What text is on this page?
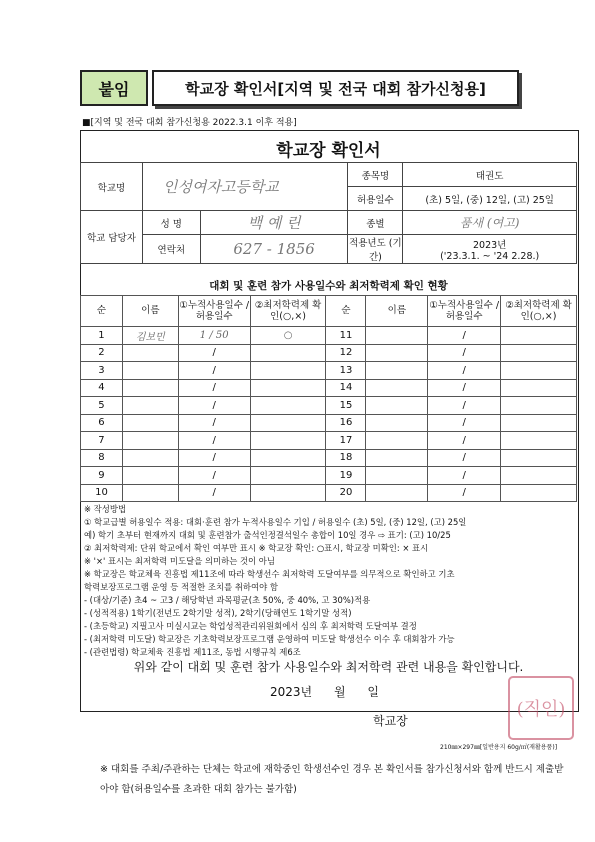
붙임	학교장 확인서[지역 및 전국 대회 참가신청용]
■[지역 및 전국 대회 참가신청용 2022.3.1 이후 적용]
학교장 확인서
학교명	인성여자고등학교		종목명	태권도
			허용일수	(초) 5일, (중) 12일, (고) 25일
학교 담당자	성 명	백 예 린	종별	품새 (여고)
	연락처	627 - 1856	적용년도 (기간)	2023년
('23.3.1. ~ '24 2.28.)
대회 및 훈련 참가 사용일수와 최저학력제 확인 현황
순	이름	①누적사용일수 /허용일수	②최저학력제 확인(○,×)	순	이름	①누적사용일수 /허용일수	②최저학력제 확인(○,×)
1	김보민	1 / 50	○	11		/	
2		/		12		/	
3		/		13		/	
4		/		14		/	
5		/		15		/	
6		/		16		/	
7		/		17		/	
8		/		18		/	
9		/		19		/	
10		/		20		/	
※ 작성방법
① 학교급별 허용일수 적용: 대회·훈련 참가 누적사용일수 기입 / 허용일수 (초) 5일, (중) 12일, (고) 25일
예) 학기 초부터 현재까지 대회 및 훈련참가 출석인정결석일수 총합이 10일 경우 ⇨ 표기: (고) 10/25
② 최저학력제: 단위 학교에서 확인 여부만 표시 ※ 학교장 확인: ○표시, 학교장 미확인: × 표시
※ '×' 표시는 최저학력 미도달을 의미하는 것이 아님
※ 학교장은 학교체육 진흥법 제11조에 따라 학생선수 최저학력 도달여부를 의무적으로 확인하고 기초
학력보장프로그램 운영 등 적절한 조치를 취하여야 함
- (대상/기준) 초4 ~ 고3 / 해당학년 과목평균(초 50%, 중 40%, 고 30%)적용
- (성적적용) 1학기(전년도 2학기말 성적), 2학기(당해연도 1학기말 성적)
- (초등학교) 지필고사 미실시교는 학업성적관리위원회에서 심의 후 최저학력 도달여부 결정
- (최저학력 미도달) 학교장은 기초학력보장프로그램 운영하여 미도달 학생선수 이수 후 대회참가 가능
- (관련법령) 학교체육 진흥법 제11조, 동법 시행규칙 제6조
위와 같이 대회 및 훈련 참가 사용일수와 최저학력 관련 내용을 확인합니다.
2023년 월 일
학교장
(직인)
210㎜×297㎜[일반용지 60g/㎡(재활용품)]
※ 대회를 주최/주관하는 단체는 학교에 재학중인 학생선수인 경우 본 확인서를 참가신청서와 함께 반드시 제출받아야 함(허용일수를 초과한 대회 참가는 불가함)
